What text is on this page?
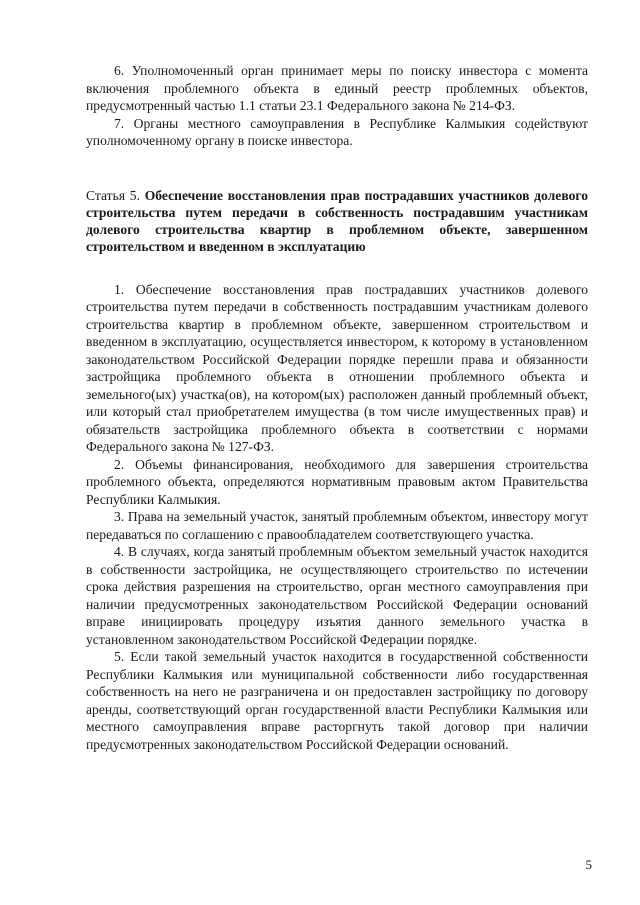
6. Уполномоченный орган принимает меры по поиску инвестора с момента включения проблемного объекта в единый реестр проблемных объектов, предусмотренный частью 1.1 статьи 23.1 Федерального закона № 214-ФЗ.

7. Органы местного самоуправления в Республике Калмыкия содействуют уполномоченному органу в поиске инвестора.

Статья 5. Обеспечение восстановления прав пострадавших участников долевого строительства путем передачи в собственность пострадавшим участникам долевого строительства квартир в проблемном объекте, завершенном строительством и введенном в эксплуатацию

1. Обеспечение восстановления прав пострадавших участников долевого строительства путем передачи в собственность пострадавшим участникам долевого строительства квартир в проблемном объекте, завершенном строительством и введенном в эксплуатацию, осуществляется инвестором, к которому в установленном законодательством Российской Федерации порядке перешли права и обязанности застройщика проблемного объекта в отношении проблемного объекта и земельного(ых) участка(ов), на котором(ых) расположен данный проблемный объект, или который стал приобретателем имущества (в том числе имущественных прав) и обязательств застройщика проблемного объекта в соответствии с нормами Федерального закона № 127-ФЗ.

2. Объемы финансирования, необходимого для завершения строительства проблемного объекта, определяются нормативным правовым актом Правительства Республики Калмыкия.

3. Права на земельный участок, занятый проблемным объектом, инвестору могут передаваться по соглашению с правообладателем соответствующего участка.

4. В случаях, когда занятый проблемным объектом земельный участок находится в собственности застройщика, не осуществляющего строительство по истечении срока действия разрешения на строительство, орган местного самоуправления при наличии предусмотренных законодательством Российской Федерации оснований вправе инициировать процедуру изъятия данного земельного участка в установленном законодательством Российской Федерации порядке.

5. Если такой земельный участок находится в государственной собственности Республики Калмыкия или муниципальной собственности либо государственная собственность на него не разграничена и он предоставлен застройщику по договору аренды, соответствующий орган государственной власти Республики Калмыкия или местного самоуправления вправе расторгнуть такой договор при наличии предусмотренных законодательством Российской Федерации оснований.

5
